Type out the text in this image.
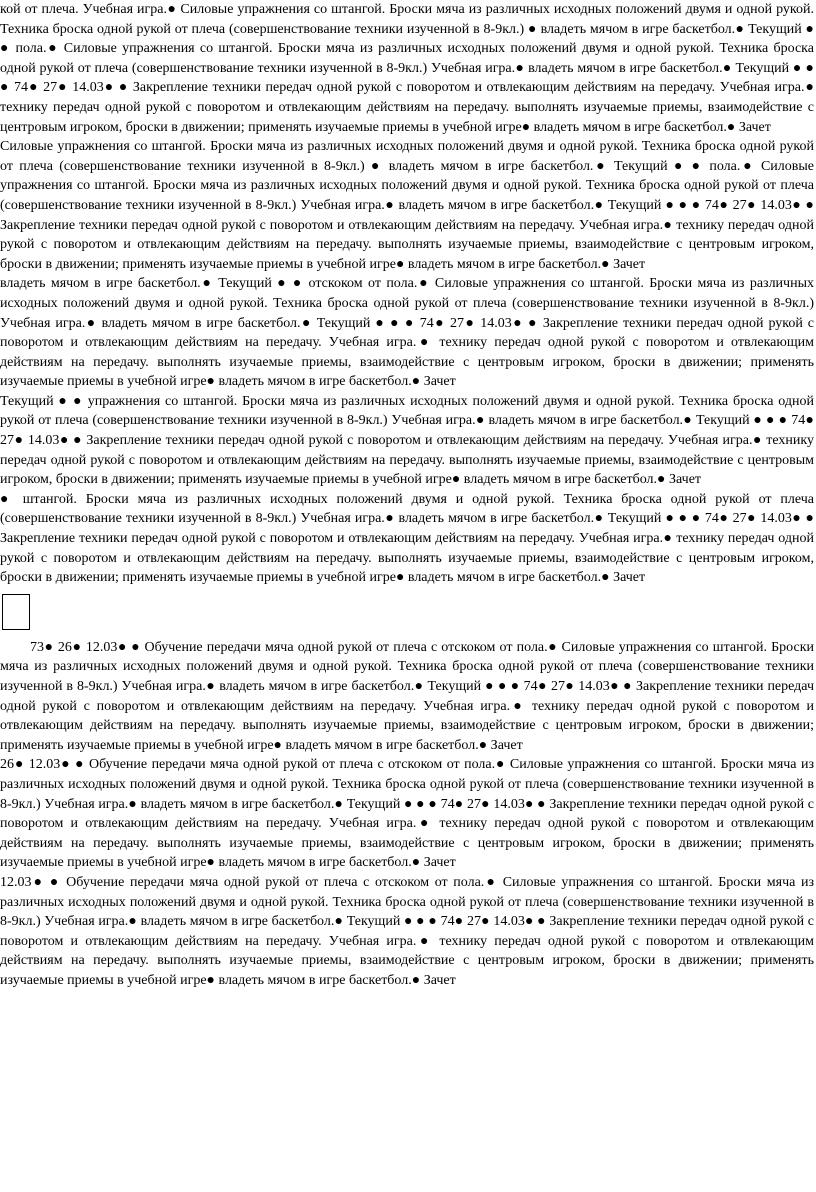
кой от плеча. Учебная игра.● Силовые упражнения со штангой. Броски мяча из различных исходных положений двумя и одной рукой. Техника броска одной рукой от плеча (совершенствование техники изученной в 8-9кл.) ● владеть мячом в игре баскетбол.● Текущий ● ● пола.● Силовые упражнения со штангой. Броски мяча из различных исходных положений двумя и одной рукой. Техника броска одной рукой от плеча (совершенствование техники изученной в 8-9кл.) Учебная игра.● владеть мячом в игре баскетбол.● Текущий ● ● ● 74● 27● 14.03● ● Закрепление техники передач одной рукой с поворотом и отвлекающим действиям на передачу. Учебная игра.● технику передач одной рукой с поворотом и отвлекающим действиям на передачу. выполнять изучаемые приемы, взаимодействие с центровым игроком, броски в движении; применять изучаемые приемы в учебной игре● владеть мячом в игре баскетбол.● Зачет

Силовые упражнения со штангой. Броски мяча из различных исходных положений двумя и одной рукой. Техника броска одной рукой от плеча (совершенствование техники изученной в 8-9кл.) ● владеть мячом в игре баскетбол.● Текущий ● ● пола.● Силовые упражнения со штангой. Броски мяча из различных исходных положений двумя и одной рукой. Техника броска одной рукой от плеча (совершенствование техники изученной в 8-9кл.) Учебная игра.● владеть мячом в игре баскетбол.● Текущий ● ● ● 74● 27● 14.03● ● Закрепление техники передач одной рукой с поворотом и отвлекающим действиям на передачу. Учебная игра.● технику передач одной рукой с поворотом и отвлекающим действиям на передачу. выполнять изучаемые приемы, взаимодействие с центровым игроком, броски в движении; применять изучаемые приемы в учебной игре● владеть мячом в игре баскетбол.● Зачет

владеть мячом в игре баскетбол.● Текущий ● ● отскоком от пола.● Силовые упражнения со штангой. Броски мяча из различных исходных положений двумя и одной рукой. Техника броска одной рукой от плеча (совершенствование техники изученной в 8-9кл.) Учебная игра.● владеть мячом в игре баскетбол.● Текущий ● ● ● 74● 27● 14.03● ● Закрепление техники передач одной рукой с поворотом и отвлекающим действиям на передачу. Учебная игра.● технику передач одной рукой с поворотом и отвлекающим действиям на передачу. выполнять изучаемые приемы, взаимодействие с центровым игроком, броски в движении; применять изучаемые приемы в учебной игре● владеть мячом в игре баскетбол.● Зачет

Текущий ● ● упражнения со штангой. Броски мяча из различных исходных положений двумя и одной рукой. Техника броска одной рукой от плеча (совершенствование техники изученной в 8-9кл.) Учебная игра.● владеть мячом в игре баскетбол.● Текущий ● ● ● 74● 27● 14.03● ● Закрепление техники передач одной рукой с поворотом и отвлекающим действиям на передачу. Учебная игра.● технику передач одной рукой с поворотом и отвлекающим действиям на передачу. выполнять изучаемые приемы, взаимодействие с центровым игроком, броски в движении; применять изучаемые приемы в учебной игре● владеть мячом в игре баскетбол.● Зачет

● штангой. Броски мяча из различных исходных положений двумя и одной рукой. Техника броска одной рукой от плеча (совершенствование техники изученной в 8-9кл.) Учебная игра.● владеть мячом в игре баскетбол.● Текущий ● ● ● 74● 27● 14.03● ● Закрепление техники передач одной рукой с поворотом и отвлекающим действиям на передачу. Учебная игра.● технику передач одной рукой с поворотом и отвлекающим действиям на передачу. выполнять изучаемые приемы, взаимодействие с центровым игроком, броски в движении; применять изучаемые приемы в учебной игре● владеть мячом в игре баскетбол.● Зачет

73● 26● 12.03● ● Обучение передачи мяча одной рукой от плеча с отскоком от пола.● Силовые упражнения со штангой. Броски мяча из различных исходных положений двумя и одной рукой. Техника броска одной рукой от плеча (совершенствование техники изученной в 8-9кл.) Учебная игра.● владеть мячом в игре баскетбол.● Текущий ● ● ● 74● 27● 14.03● ● Закрепление техники передач одной рукой с поворотом и отвлекающим действиям на передачу. Учебная игра.● технику передач одной рукой с поворотом и отвлекающим действиям на передачу. выполнять изучаемые приемы, взаимодействие с центровым игроком, броски в движении; применять изучаемые приемы в учебной игре● владеть мячом в игре баскетбол.● Зачет

26● 12.03● ● Обучение передачи мяча одной рукой от плеча с отскоком от пола.● Силовые упражнения со штангой. Броски мяча из различных исходных положений двумя и одной рукой. Техника броска одной рукой от плеча (совершенствование техники изученной в 8-9кл.) Учебная игра.● владеть мячом в игре баскетбол.● Текущий ● ● ● 74● 27● 14.03● ● Закрепление техники передач одной рукой с поворотом и отвлекающим действиям на передачу. Учебная игра.● технику передач одной рукой с поворотом и отвлекающим действиям на передачу. выполнять изучаемые приемы, взаимодействие с центровым игроком, броски в движении; применять изучаемые приемы в учебной игре● владеть мячом в игре баскетбол.● Зачет

12.03● ● Обучение передачи мяча одной рукой от плеча с отскоком от пола.● Силовые упражнения со штангой. Броски мяча из различных исходных положений двумя и одной рукой. Техника броска одной рукой от плеча (совершенствование техники изученной в 8-9кл.) Учебная игра.● владеть мячом в игре баскетбол.● Текущий ● ● ● 74● 27● 14.03● ● Закрепление техники передач одной рукой с поворотом и отвлекающим действиям на передачу. Учебная игра.● технику передач одной рукой с поворотом и отвлекающим действиям на передачу. выполнять изучаемые приемы, взаимодействие с центровым игроком, броски в движении; применять изучаемые приемы в учебной игре● владеть мячом в игре баскетбол.● Зачет
